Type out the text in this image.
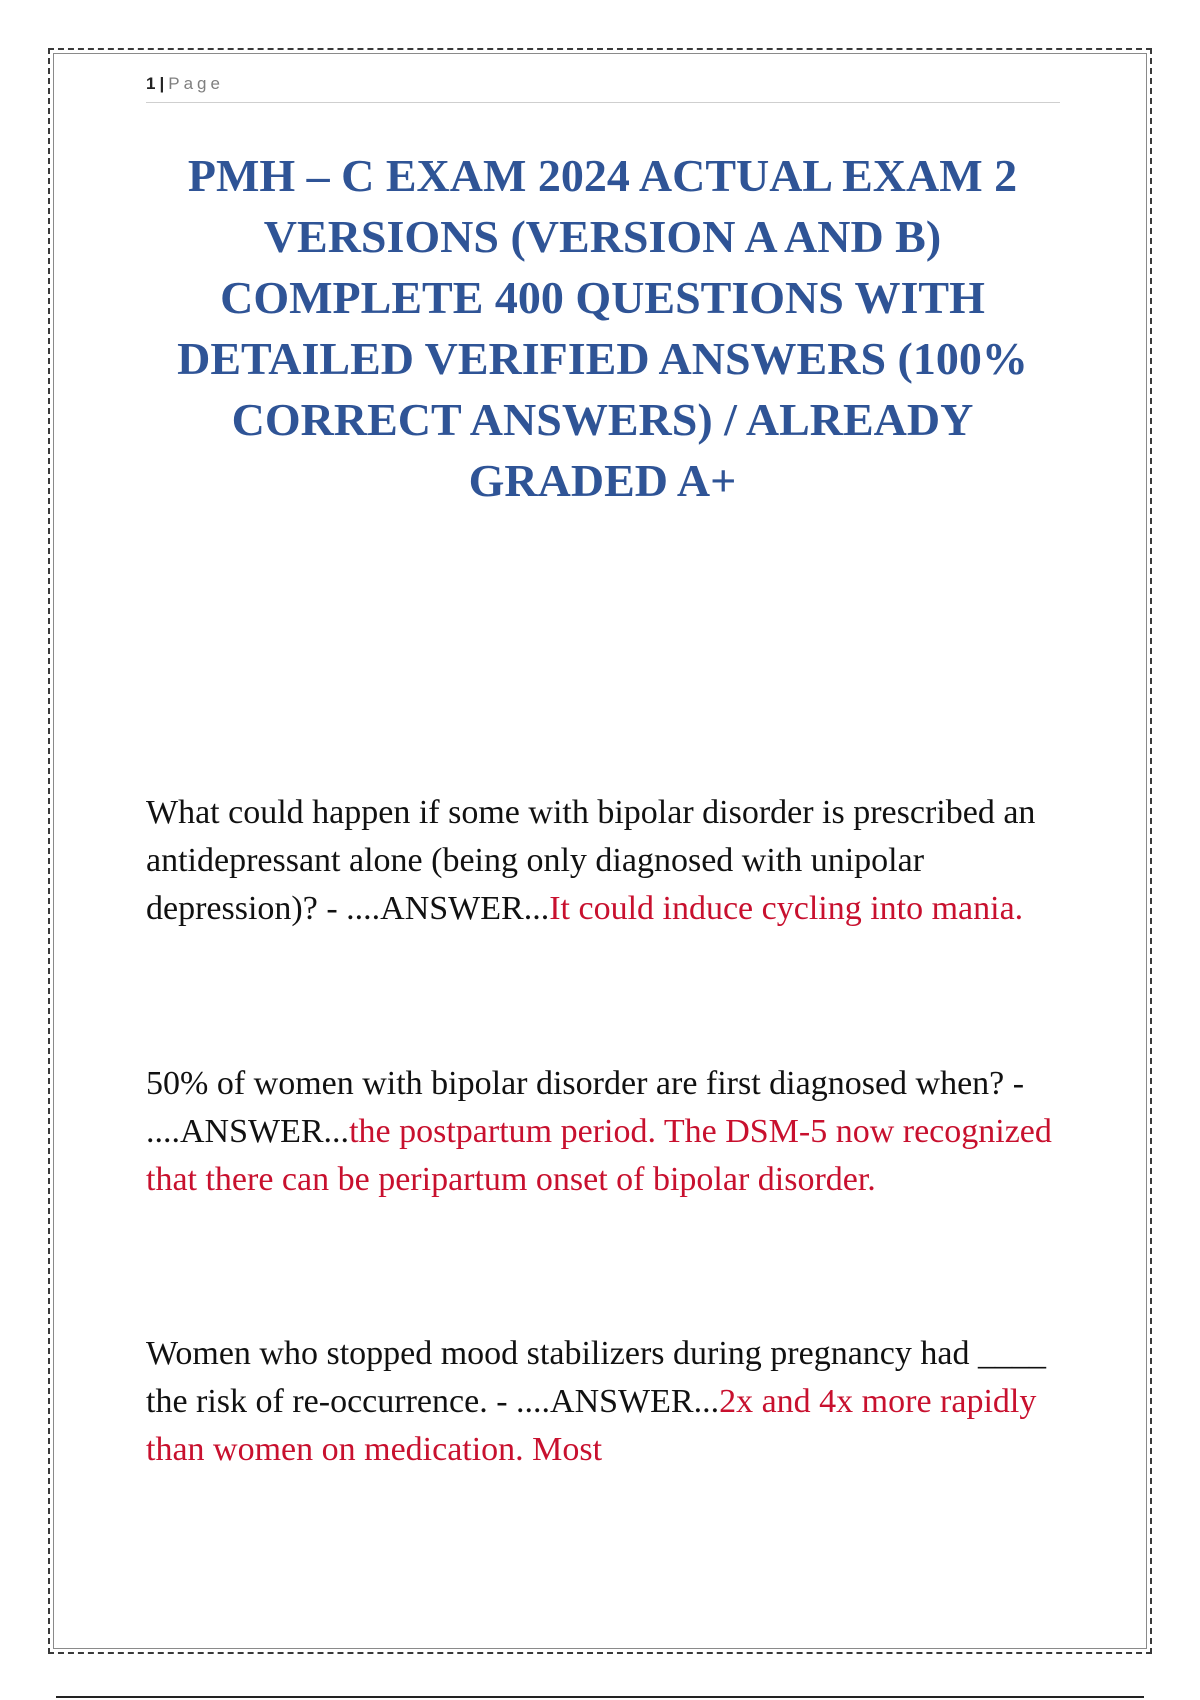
1 | Page
PMH – C EXAM 2024 ACTUAL EXAM 2 VERSIONS (VERSION A AND B) COMPLETE 400 QUESTIONS WITH DETAILED VERIFIED ANSWERS (100% CORRECT ANSWERS) / ALREADY GRADED A+

What could happen if some with bipolar disorder is prescribed an antidepressant alone (being only diagnosed with unipolar depression)? - ....ANSWER...It could induce cycling into mania.

50% of women with bipolar disorder are first diagnosed when? - ....ANSWER...the postpartum period. The DSM-5 now recognized that there can be peripartum onset of bipolar disorder.

Women who stopped mood stabilizers during pregnancy had ____ the risk of re-occurrence. - ....ANSWER...2x and 4x more rapidly than women on medication. Most
